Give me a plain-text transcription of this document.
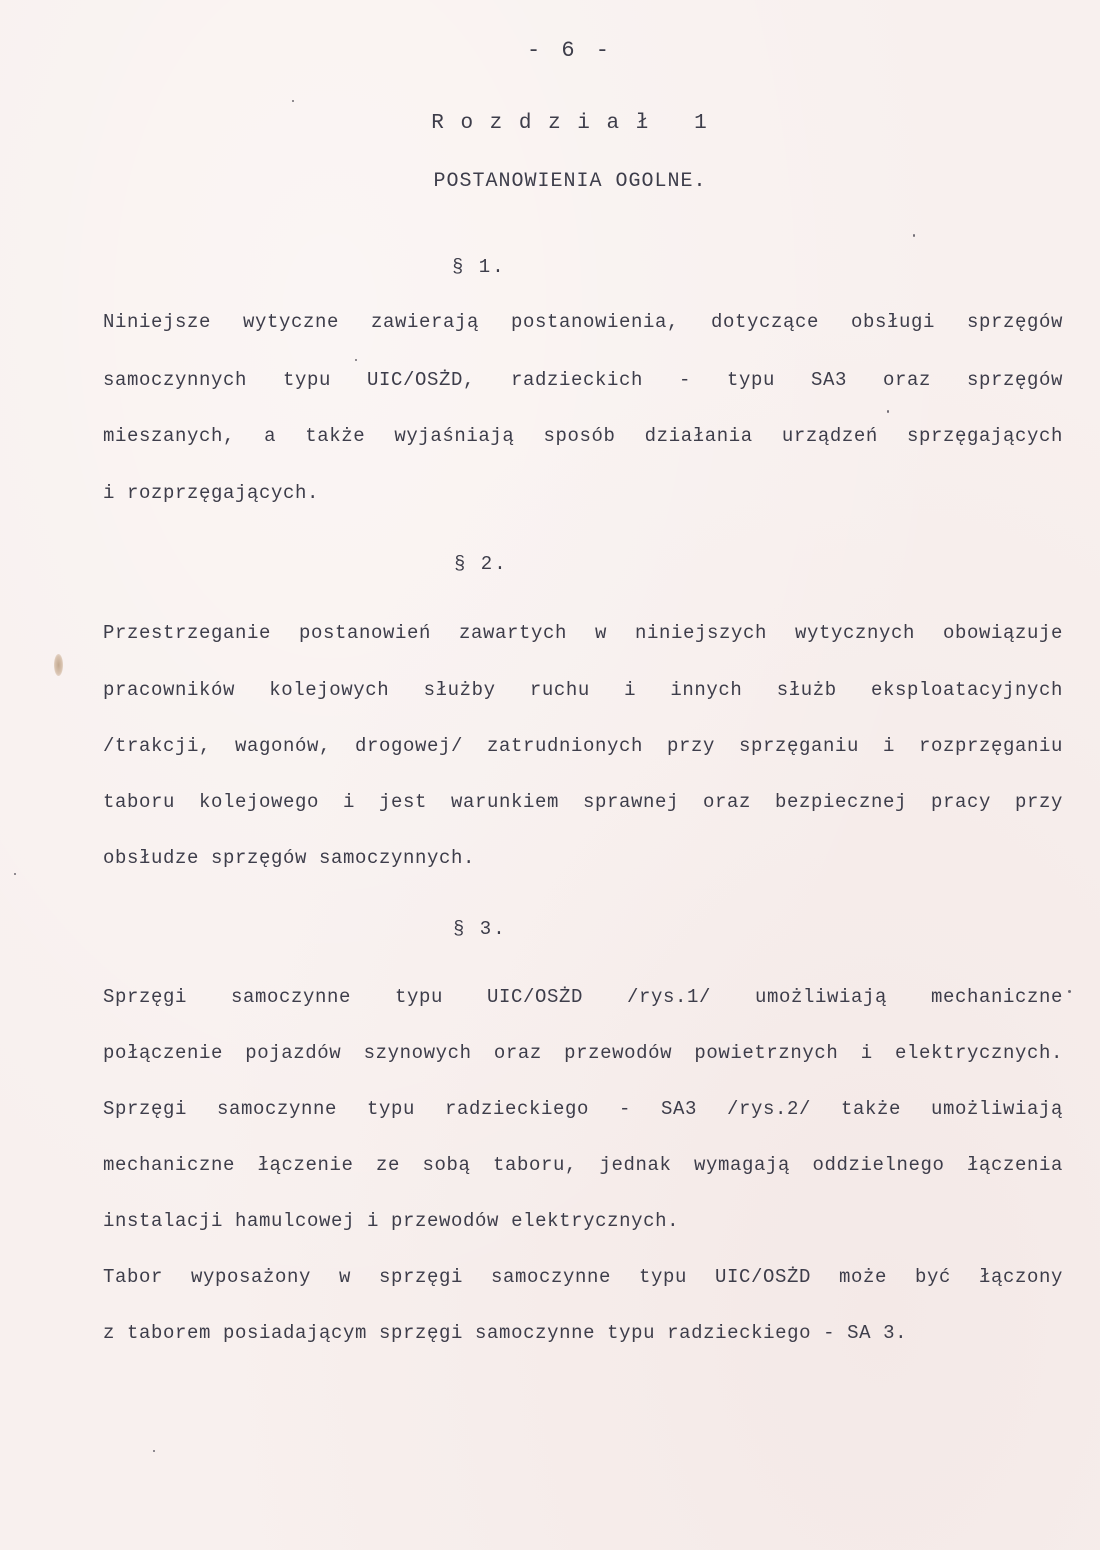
- 6 -
R o z d z i a ł   1
POSTANOWIENIA OGOLNE.
§ 1.
Niniejsze wytyczne zawierają postanowienia, dotyczące obsługi sprzęgów
samoczynnych typu UIC/OSŻD, radzieckich - typu SA3 oraz sprzęgów
mieszanych, a także wyjaśniają sposób działania urządzeń sprzęgających
i rozprzęgających.
§ 2.
Przestrzeganie postanowień zawartych w niniejszych wytycznych obowiązuje
pracowników kolejowych służby ruchu i innych służb eksploatacyjnych
/trakcji, wagonów, drogowej/ zatrudnionych przy sprzęganiu i rozprzęganiu
taboru kolejowego i jest warunkiem sprawnej oraz bezpiecznej pracy przy
obsłudze sprzęgów samoczynnych.
§ 3.
Sprzęgi samoczynne typu UIC/OSŻD /rys.1/ umożliwiają mechaniczne
połączenie pojazdów szynowych oraz przewodów powietrznych i elektrycznych.
Sprzęgi samoczynne typu radzieckiego - SA3 /rys.2/ także umożliwiają
mechaniczne łączenie ze sobą taboru, jednak wymagają oddzielnego łączenia
instalacji hamulcowej i przewodów elektrycznych.
Tabor wyposażony w sprzęgi samoczynne typu UIC/OSŻD może być łączony
z taborem posiadającym sprzęgi samoczynne typu radzieckiego - SA 3.
